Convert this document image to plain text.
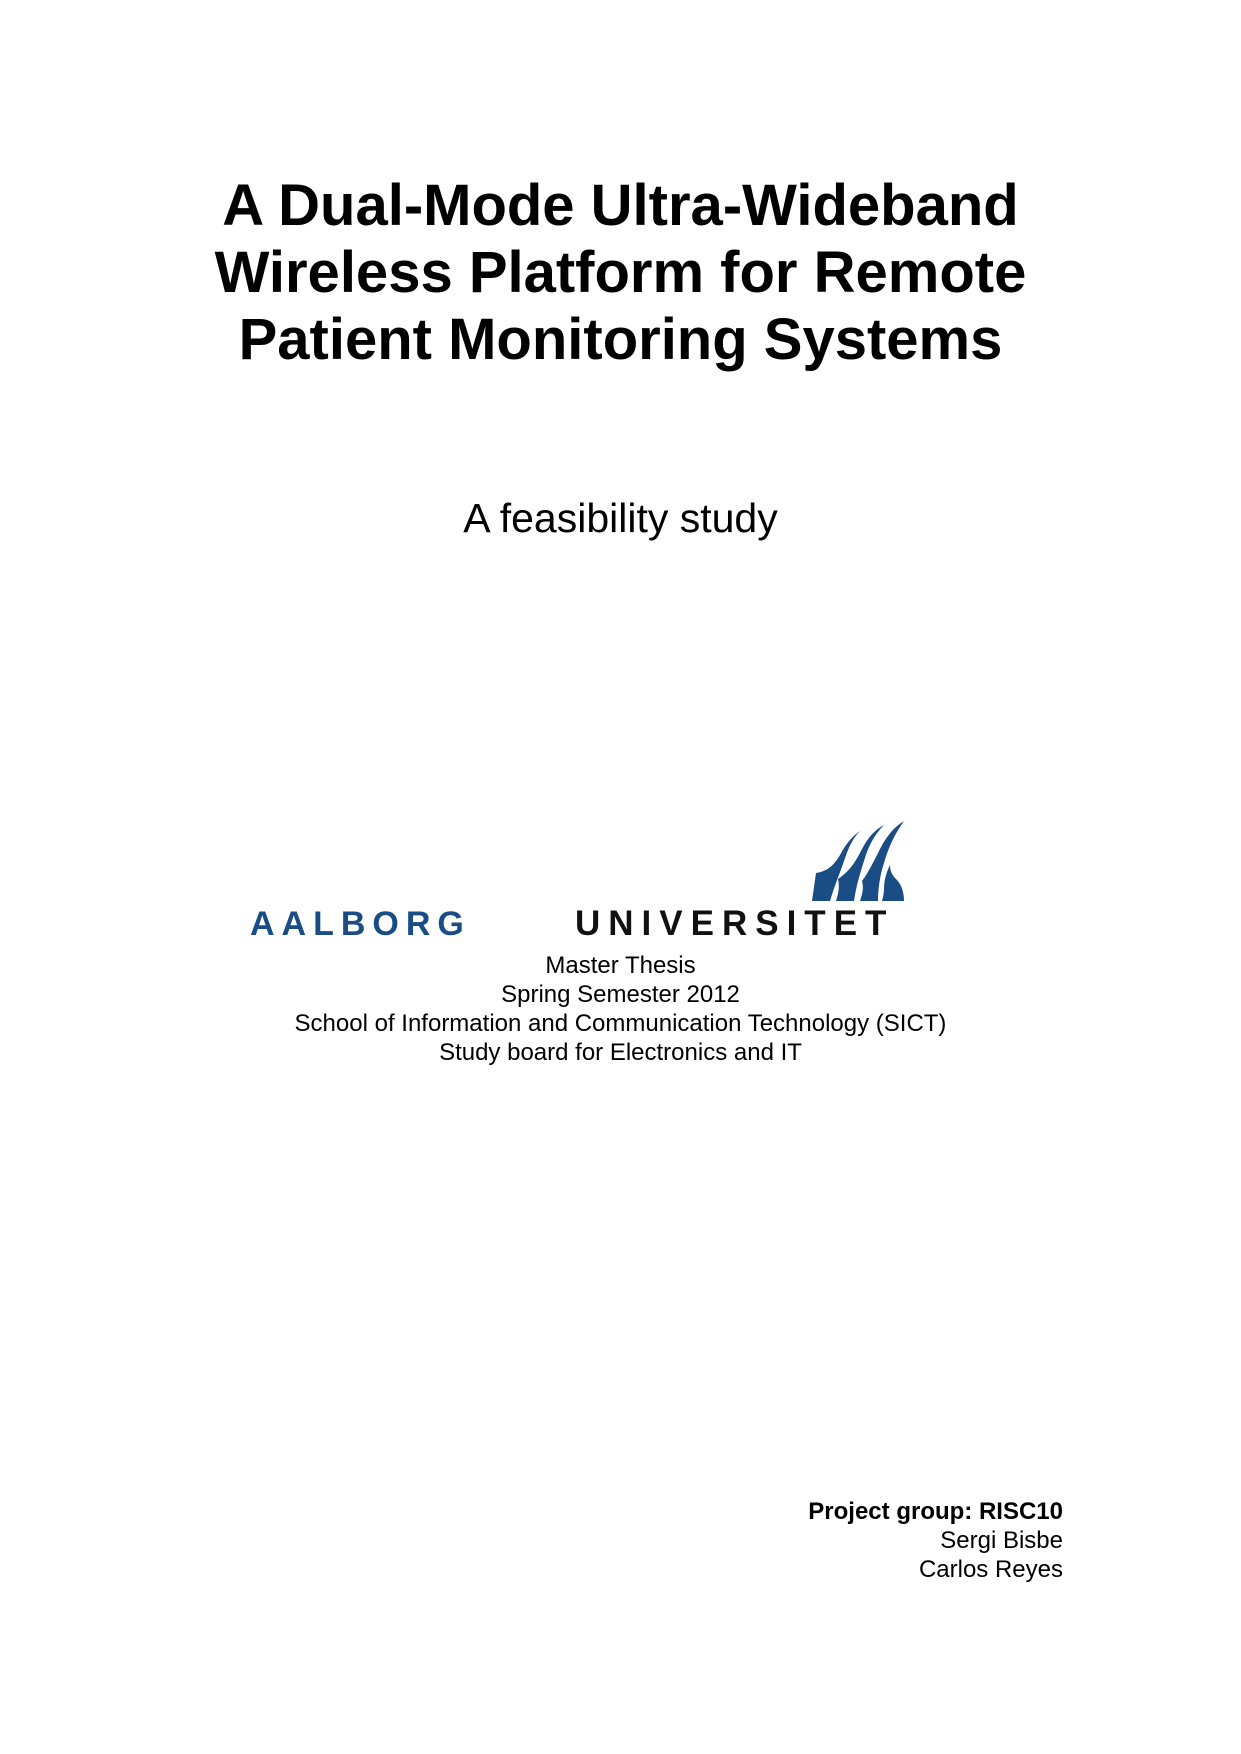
A Dual-Mode Ultra-Wideband
Wireless Platform for Remote
Patient Monitoring Systems
A feasibility study
AALBORG	UNIVERSITET
Master Thesis
Spring Semester 2012
School of Information and Communication Technology (SICT)
Study board for Electronics and IT
Project group: RISC10
Sergi Bisbe
Carlos Reyes
